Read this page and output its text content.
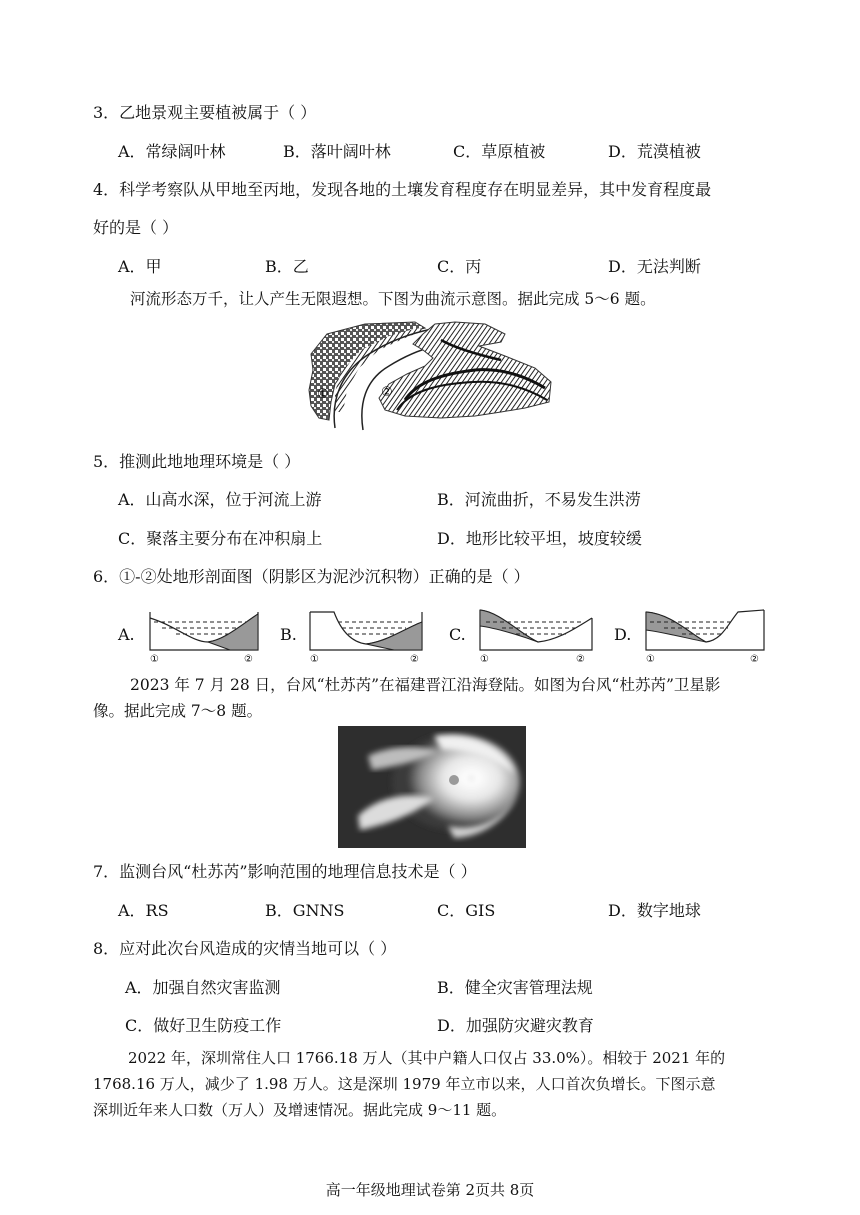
3．乙地景观主要植被属于（ ）
A．常绿阔叶林	B．落叶阔叶林	C．草原植被	D．荒漠植被
4．科学考察队从甲地至丙地，发现各地的土壤发育程度存在明显差异，其中发育程度最
好的是（ ）
A．甲	B．乙	C．丙	D．无法判断
河流形态万千，让人产生无限遐想。下图为曲流示意图。据此完成 5～6 题。
①	②
5．推测此地地理环境是（ ）
A．山高水深，位于河流上游	B．河流曲折，不易发生洪涝
C．聚落主要分布在冲积扇上	D．地形比较平坦，坡度较缓
6．①-②处地形剖面图（阴影区为泥沙沉积物）正确的是（ ）
A.
①	②
B.
①	②
C.
①	②
D.
①	②
2023 年 7 月 28 日，台风“杜苏芮”在福建晋江沿海登陆。如图为台风“杜苏芮”卫星影
像。据此完成 7～8 题。
7．监测台风“杜苏芮”影响范围的地理信息技术是（ ）
A．RS	B．GNNS	C．GIS	D．数字地球
8．应对此次台风造成的灾情当地可以（ ）
A．加强自然灾害监测	B．健全灾害管理法规
C．做好卫生防疫工作	D．加强防灾避灾教育
2022 年，深圳常住人口 1766.18 万人（其中户籍人口仅占 33.0%）。相较于 2021 年的
1768.16 万人，减少了 1.98 万人。这是深圳 1979 年立市以来，人口首次负增长。下图示意
深圳近年来人口数（万人）及增速情况。据此完成 9～11 题。
高一年级地理试卷第 2页共 8页
